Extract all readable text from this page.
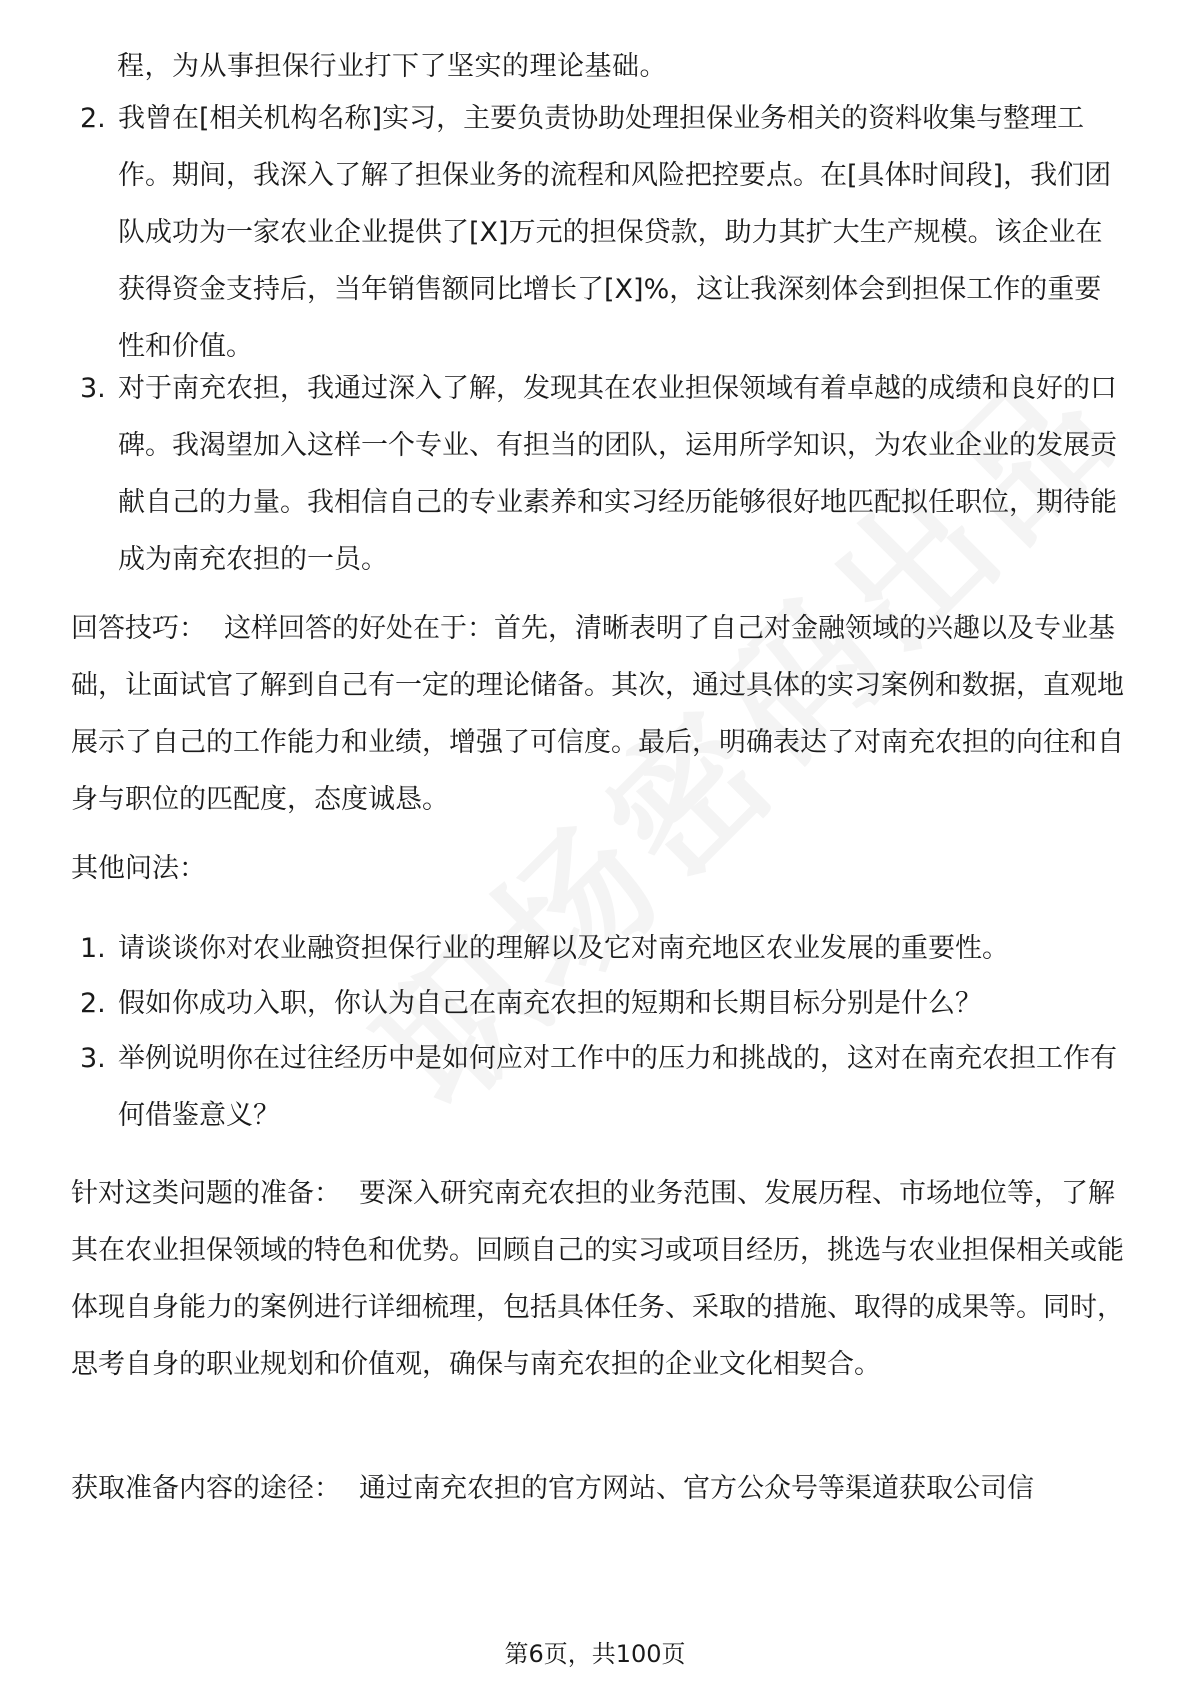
程，为从事担保行业打下了坚实的理论基础。
2. 我曾在[相关机构名称]实习，主要负责协助处理担保业务相关的资料收集与整理工作。期间，我深入了解了担保业务的流程和风险把控要点。在[具体时间段]，我们团队成功为一家农业企业提供了[X]万元的担保贷款，助力其扩大生产规模。该企业在获得资金支持后，当年销售额同比增长了[X]%，这让我深刻体会到担保工作的重要性和价值。
3. 对于南充农担，我通过深入了解，发现其在农业担保领域有着卓越的成绩和良好的口碑。我渴望加入这样一个专业、有担当的团队，运用所学知识，为农业企业的发展贡献自己的力量。我相信自己的专业素养和实习经历能够很好地匹配拟任职位，期待能成为南充农担的一员。
回答技巧： 这样回答的好处在于：首先，清晰表明了自己对金融领域的兴趣以及专业基础，让面试官了解到自己有一定的理论储备。其次，通过具体的实习案例和数据，直观地展示了自己的工作能力和业绩，增强了可信度。最后，明确表达了对南充农担的向往和自身与职位的匹配度，态度诚恳。
其他问法：
1. 请谈谈你对农业融资担保行业的理解以及它对南充地区农业发展的重要性。
2. 假如你成功入职，你认为自己在南充农担的短期和长期目标分别是什么？
3. 举例说明你在过往经历中是如何应对工作中的压力和挑战的，这对在南充农担工作有何借鉴意义？
针对这类问题的准备： 要深入研究南充农担的业务范围、发展历程、市场地位等，了解其在农业担保领域的特色和优势。回顾自己的实习或项目经历，挑选与农业担保相关或能体现自身能力的案例进行详细梳理，包括具体任务、采取的措施、取得的成果等。同时，思考自身的职业规划和价值观，确保与南充农担的企业文化相契合。
获取准备内容的途径： 通过南充农担的官方网站、官方公众号等渠道获取公司信
第6页，共100页
